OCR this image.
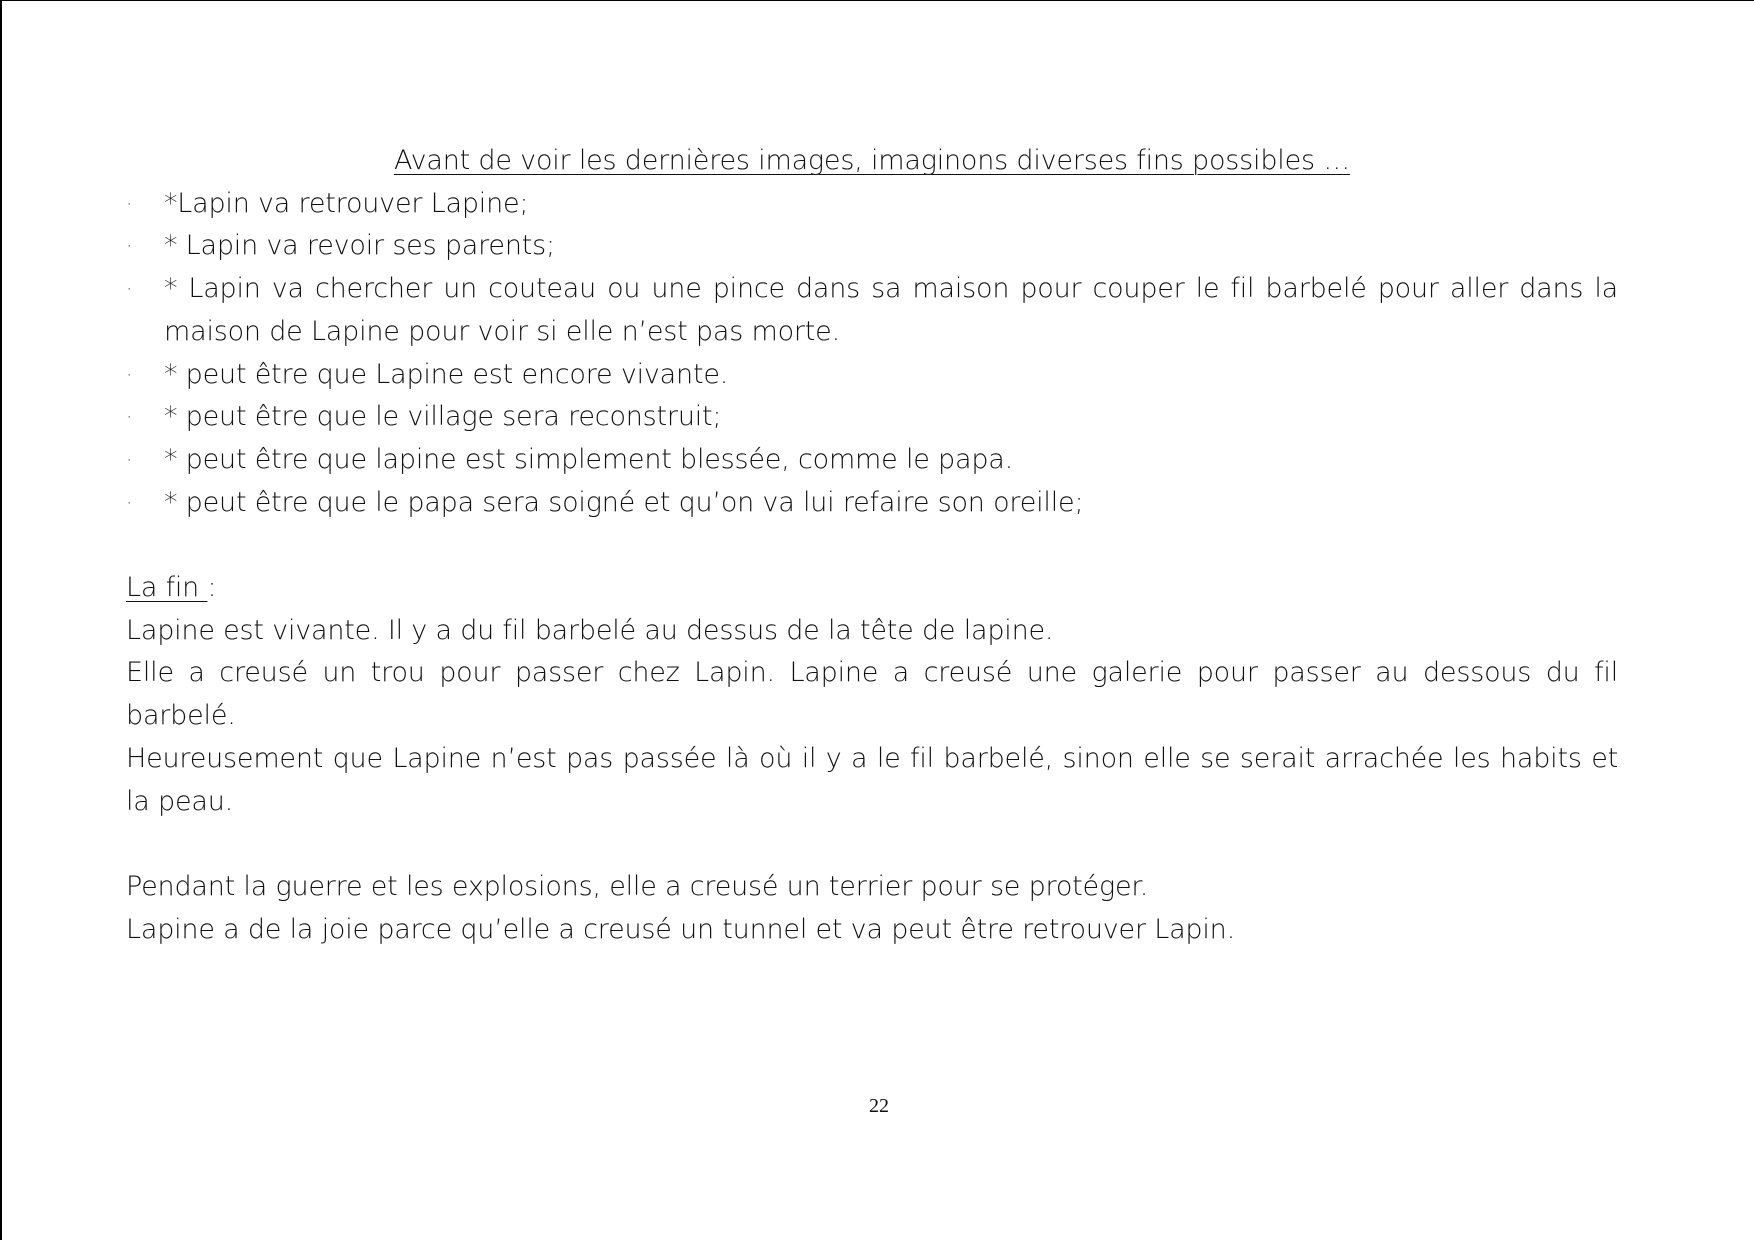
Avant de voir les dernières images, imaginons diverses fins possibles …
·	*Lapin va retrouver Lapine;
·	* Lapin va revoir ses parents;
·	* Lapin va chercher un couteau ou une pince dans sa maison pour couper le fil barbelé pour aller dans la maison de Lapine pour voir si elle n’est pas morte.
·	* peut être que Lapine est encore vivante.
·	* peut être que le village sera reconstruit;
·	* peut être que lapine est simplement blessée, comme le papa.
·	* peut être que le papa sera soigné et qu’on va lui refaire son oreille;
La fin :

Lapine est vivante. Il y a du fil barbelé au dessus de la tête de lapine.

Elle a creusé un trou pour passer chez Lapin. Lapine a creusé une galerie pour passer au dessous du fil barbelé.

Heureusement que Lapine n’est pas passée là où il y a le fil barbelé, sinon elle se serait arrachée les habits et la peau.

Pendant la guerre et les explosions, elle a creusé un terrier pour se protéger.

Lapine a de la joie parce qu’elle a creusé un tunnel et va peut être retrouver Lapin.

22
